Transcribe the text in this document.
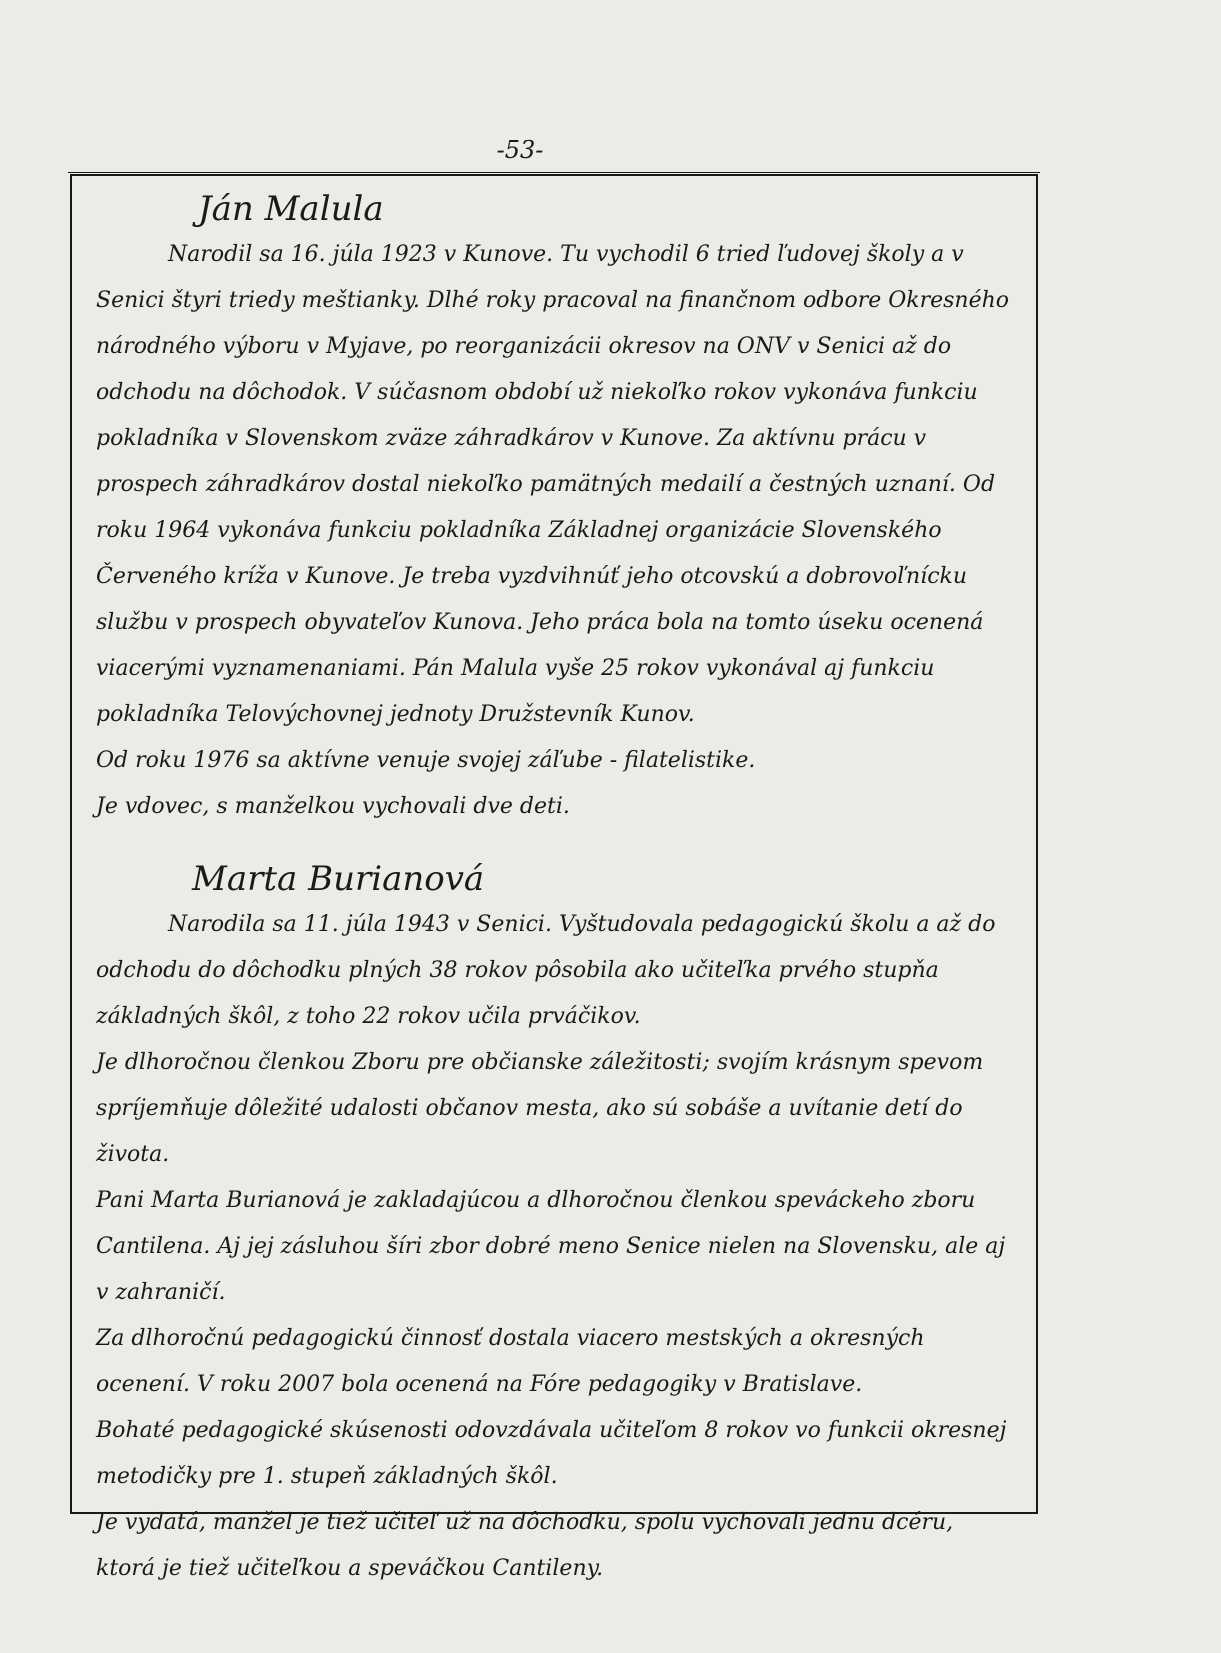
-53-
Ján Malula

Narodil sa 16. júla 1923 v Kunove. Tu vychodil 6 tried ľudovej školy a v Senici štyri triedy meštianky. Dlhé roky pracoval na finančnom odbore Okresného národného výboru v Myjave, po reorganizácii okresov na ONV v Senici až do odchodu na dôchodok. V súčasnom období už niekoľko rokov vykonáva funkciu pokladníka v Slovenskom zväze záhradkárov v Kunove. Za aktívnu prácu v prospech záhradkárov dostal niekoľko pamätných medailí a čestných uznaní. Od roku 1964 vykonáva funkciu pokladníka Základnej organizácie Slovenského Červeného kríža v Kunove. Je treba vyzdvihnúť jeho otcovskú a dobrovoľnícku službu v prospech obyvateľov Kunova. Jeho práca bola na tomto úseku ocenená viacerými vyznamenaniami. Pán Malula vyše 25 rokov vykonával aj funkciu pokladníka Telovýchovnej jednoty Družstevník Kunov.

Od roku 1976 sa aktívne venuje svojej záľube - filatelistike.

Je vdovec, s manželkou vychovali dve deti.

Marta Burianová

Narodila sa 11. júla 1943 v Senici. Vyštudovala pedagogickú školu a až do odchodu do dôchodku plných 38 rokov pôsobila ako učiteľka prvého stupňa základných škôl, z toho 22 rokov učila prváčikov.

Je dlhoročnou členkou Zboru pre občianske záležitosti; svojím krásnym spevom spríjemňuje dôležité udalosti občanov mesta, ako sú sobáše a uvítanie detí do života.

Pani Marta Burianová je zakladajúcou a dlhoročnou členkou speváckeho zboru Cantilena. Aj jej zásluhou šíri zbor dobré meno Senice nielen na Slovensku, ale aj v zahraničí.

Za dlhoročnú pedagogickú činnosť dostala viacero mestských a okresných ocenení. V roku 2007 bola ocenená na Fóre pedagogiky v Bratislave.

Bohaté pedagogické skúsenosti odovzdávala učiteľom 8 rokov vo funkcii okresnej metodičky pre 1. stupeň základných škôl.

Je vydatá, manžel je tiež učiteľ už na dôchodku, spolu vychovali jednu dcéru, ktorá je tiež učiteľkou a speváčkou Cantileny.
